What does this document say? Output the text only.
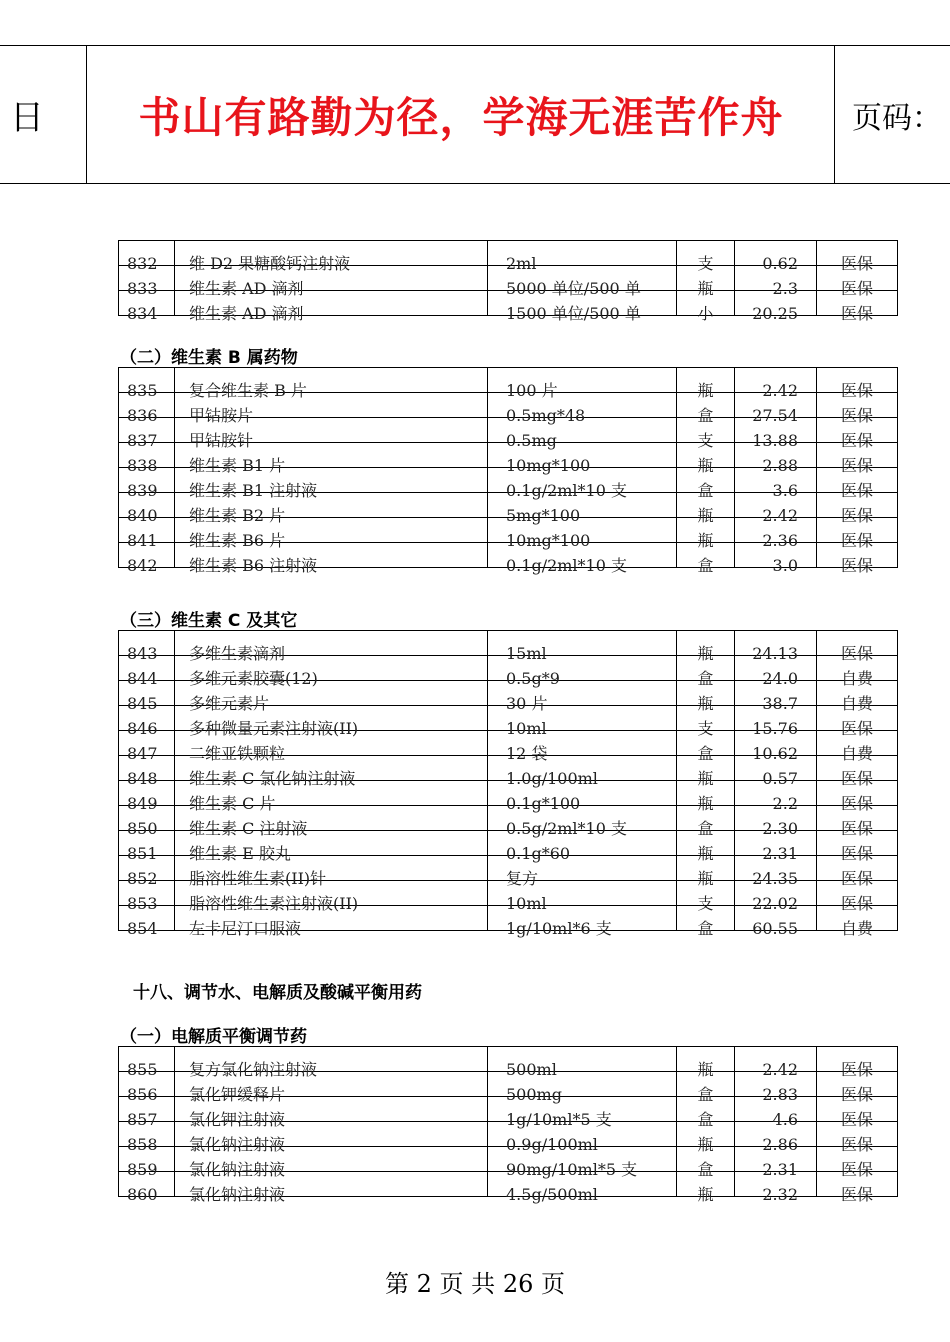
日 书山有路勤为径，学海无涯苦作舟 页码：
832	维 D2 果糖酸钙注射液	2ml	支	0.62	医保

833	维生素 AD 滴剂	5000 单位/500 单	瓶	2.3	医保

834	维生素 AD 滴剂	1500 单位/500 单	小	20.25	医保
（二）维生素 B 属药物
835	复合维生素 B 片	100 片	瓶	2.42	医保

836	甲钴胺片	0.5mg*48	盒	27.54	医保

837	甲钴胺针	0.5mg	支	13.88	医保

838	维生素 B1 片	10mg*100	瓶	2.88	医保

839	维生素 B1 注射液	0.1g/2ml*10 支	盒	3.6	医保

840	维生素 B2 片	5mg*100	瓶	2.42	医保

841	维生素 B6 片	10mg*100	瓶	2.36	医保

842	维生素 B6 注射液	0.1g/2ml*10 支	盒	3.0	医保
（三）维生素 C 及其它
843	多维生素滴剂	15ml	瓶	24.13	医保

844	多维元素胶囊(12)	0.5g*9	盒	24.0	自费

845	多维元素片	30 片	瓶	38.7	自费

846	多种微量元素注射液(II)	10ml	支	15.76	医保

847	二维亚铁颗粒	12 袋	盒	10.62	自费

848	维生素 C 氯化钠注射液	1.0g/100ml	瓶	0.57	医保

849	维生素 C 片	0.1g*100	瓶	2.2	医保

850	维生素 C 注射液	0.5g/2ml*10 支	盒	2.30	医保

851	维生素 E 胶丸	0.1g*60	瓶	2.31	医保

852	脂溶性维生素(II)针	复方	瓶	24.35	医保

853	脂溶性维生素注射液(II)	10ml	支	22.02	医保

854	左卡尼汀口服液	1g/10ml*6 支	盒	60.55	自费
十八、调节水、电解质及酸碱平衡用药
（一）电解质平衡调节药
855	复方氯化钠注射液	500ml	瓶	2.42	医保

856	氯化钾缓释片	500mg	盒	2.83	医保

857	氯化钾注射液	1g/10ml*5 支	盒	4.6	医保

858	氯化钠注射液	0.9g/100ml	瓶	2.86	医保

859	氯化钠注射液	90mg/10ml*5 支	盒	2.31	医保

860	氯化钠注射液	4.5g/500ml	瓶	2.32	医保
第 2 页 共 26 页
